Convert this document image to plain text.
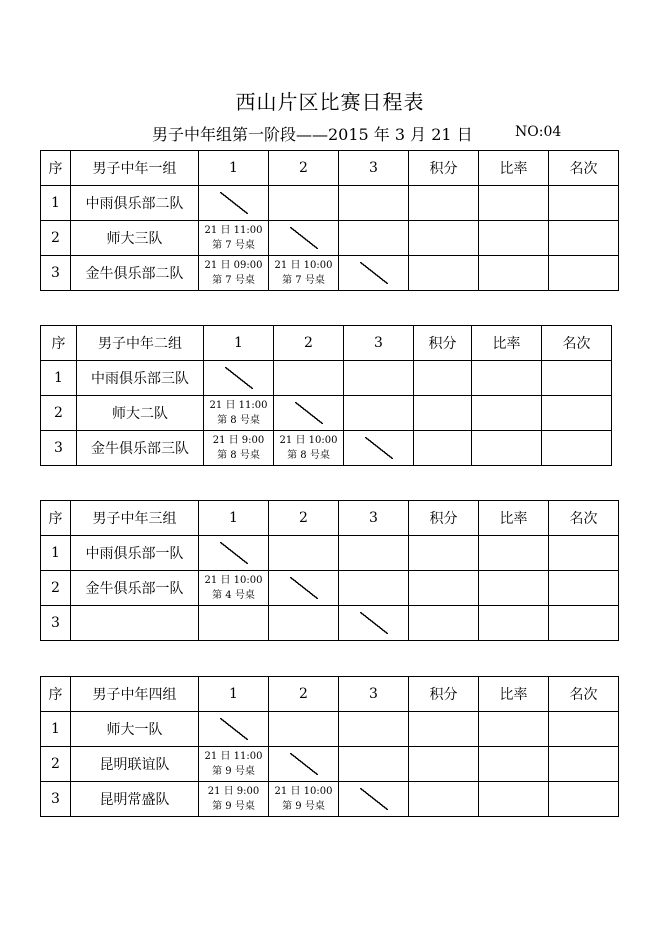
西山片区比赛日程表
男子中年组第一阶段——2015 年 3 月 21 日	NO:04
序	男子中年一组	1	2	3	积分	比率	名次
1	中雨俱乐部二队						
2	师大三队	21 日 11:00
第 7 号桌					

3	金牛俱乐部二队	21 日 09:00
第 7 号桌	21 日 10:00
第 7 号桌				

序	男子中年二组	1	2	3	积分	比率	名次
1	中雨俱乐部三队						
2	师大二队	21 日 11:00
第 8 号桌					

3	金牛俱乐部三队	21 日 9:00
第 8 号桌	21 日 10:00
第 8 号桌				

序	男子中年三组	1	2	3	积分	比率	名次
1	中雨俱乐部一队						
2	金牛俱乐部一队	21 日 10:00
第 4 号桌					

3							
序	男子中年四组	1	2	3	积分	比率	名次
1	师大一队						
2	昆明联谊队	21 日 11:00
第 9 号桌					

3	昆明常盛队	21 日 9:00
第 9 号桌	21 日 10:00
第 9 号桌				
